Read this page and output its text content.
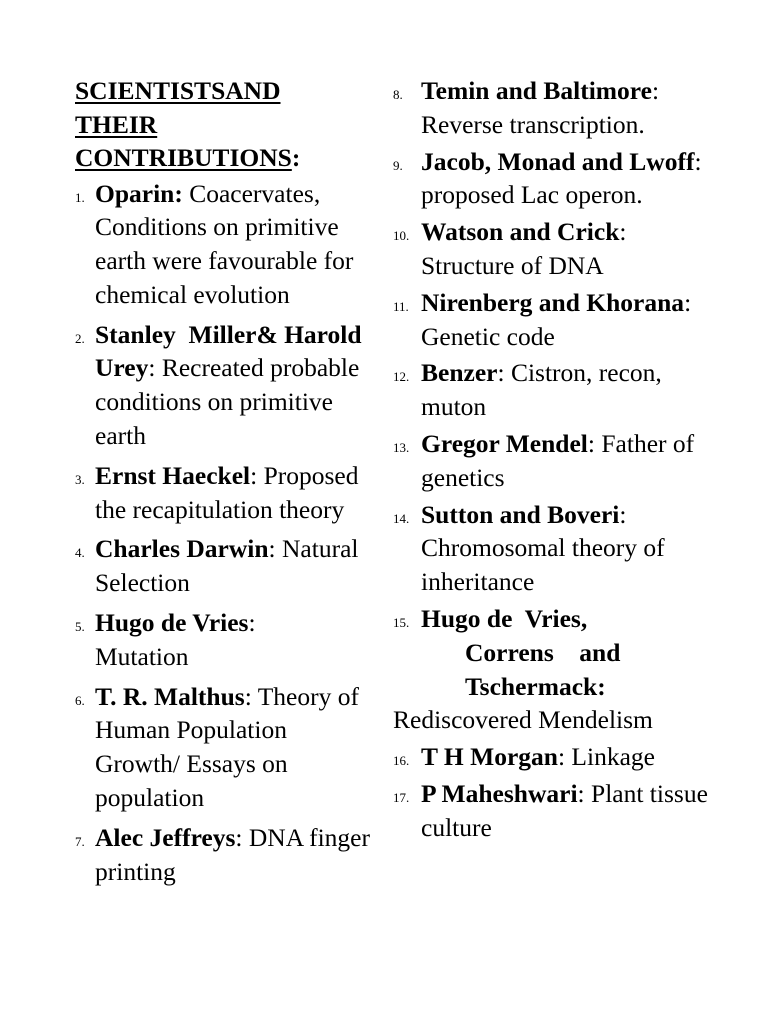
SCIENTISTSAND
THEIR
CONTRIBUTIONS:
1. Oparin: Coacervates, Conditions on primitive earth were favourable for chemical evolution
2. Stanley  Miller& Harold  Urey: Recreated probable conditions on primitive earth
3. Ernst Haeckel: Proposed the recapitulation theory
4. Charles Darwin: Natural Selection
5. Hugo de Vries:
Mutation
6. T. R. Malthus: Theory of Human Population Growth/ Essays on population
7. Alec Jeffreys: DNA finger printing
8. Temin and Baltimore:
Reverse transcription.
9. Jacob, Monad and Lwoff: proposed Lac operon.
10. Watson and Crick:
Structure of DNA
11. Nirenberg and Khorana: Genetic code
12. Benzer: Cistron, recon, muton
13. Gregor Mendel: Father of genetics
14. Sutton and Boveri:
Chromosomal theory of inheritance
15. Hugo de  Vries,
Correns    and
Tschermack:
Rediscovered Mendelism
16. T H Morgan: Linkage
17. P Maheshwari: Plant tissue culture
